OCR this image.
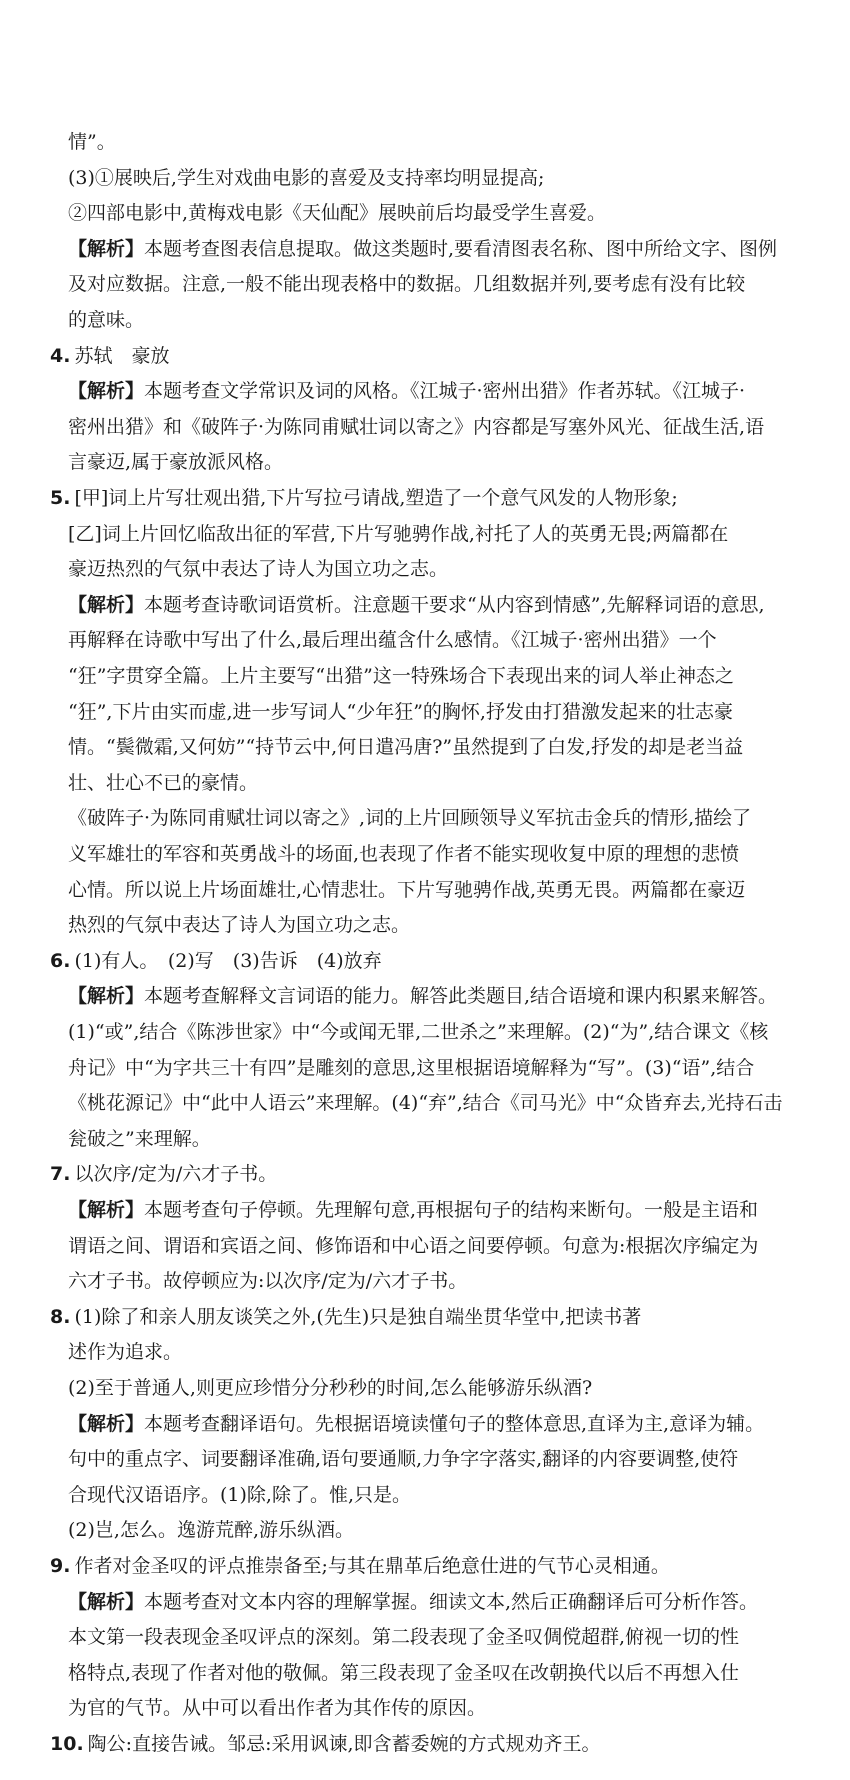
情”。
(3)①展映后,学生对戏曲电影的喜爱及支持率均明显提高;
②四部电影中,黄梅戏电影《天仙配》展映前后均最受学生喜爱。
【解析】本题考查图表信息提取。做这类题时,要看清图表名称、图中所给文字、图例
及对应数据。注意,一般不能出现表格中的数据。几组数据并列,要考虑有没有比较
的意味。
4. 苏轼　豪放
【解析】本题考查文学常识及词的风格。《江城子·密州出猎》作者苏轼。《江城子·
密州出猎》和《破阵子·为陈同甫赋壮词以寄之》内容都是写塞外风光、征战生活,语
言豪迈,属于豪放派风格。
5. [甲]词上片写壮观出猎,下片写拉弓请战,塑造了一个意气风发的人物形象;
[乙]词上片回忆临敌出征的军营,下片写驰骋作战,衬托了人的英勇无畏;两篇都在
豪迈热烈的气氛中表达了诗人为国立功之志。
【解析】本题考查诗歌词语赏析。注意题干要求“从内容到情感”,先解释词语的意思,
再解释在诗歌中写出了什么,最后理出蕴含什么感情。《江城子·密州出猎》一个
“狂”字贯穿全篇。上片主要写“出猎”这一特殊场合下表现出来的词人举止神态之
“狂”,下片由实而虚,进一步写词人“少年狂”的胸怀,抒发由打猎激发起来的壮志豪
情。“鬓微霜,又何妨”“持节云中,何日遣冯唐?”虽然提到了白发,抒发的却是老当益
壮、壮心不已的豪情。
《破阵子·为陈同甫赋壮词以寄之》,词的上片回顾领导义军抗击金兵的情形,描绘了
义军雄壮的军容和英勇战斗的场面,也表现了作者不能实现收复中原的理想的悲愤
心情。所以说上片场面雄壮,心情悲壮。下片写驰骋作战,英勇无畏。两篇都在豪迈
热烈的气氛中表达了诗人为国立功之志。
6. (1)有人。　(2)写　(3)告诉　(4)放弃
【解析】本题考查解释文言词语的能力。解答此类题目,结合语境和课内积累来解答。
(1)“或”,结合《陈涉世家》中“今或闻无罪,二世杀之”来理解。(2)“为”,结合课文《核
舟记》中“为字共三十有四”是雕刻的意思,这里根据语境解释为“写”。(3)“语”,结合
《桃花源记》中“此中人语云”来理解。(4)“弃”,结合《司马光》中“众皆弃去,光持石击
瓮破之”来理解。
7. 以次序/定为/六才子书。
【解析】本题考查句子停顿。先理解句意,再根据句子的结构来断句。一般是主语和
谓语之间、谓语和宾语之间、修饰语和中心语之间要停顿。句意为:根据次序编定为
六才子书。故停顿应为:以次序/定为/六才子书。
8. (1)除了和亲人朋友谈笑之外,(先生)只是独自端坐贯华堂中,把读书著
述作为追求。
(2)至于普通人,则更应珍惜分分秒秒的时间,怎么能够游乐纵酒?
【解析】本题考查翻译语句。先根据语境读懂句子的整体意思,直译为主,意译为辅。
句中的重点字、词要翻译准确,语句要通顺,力争字字落实,翻译的内容要调整,使符
合现代汉语语序。(1)除,除了。惟,只是。
(2)岂,怎么。逸游荒醉,游乐纵酒。
9. 作者对金圣叹的评点推崇备至;与其在鼎革后绝意仕进的气节心灵相通。
【解析】本题考查对文本内容的理解掌握。细读文本,然后正确翻译后可分析作答。
本文第一段表现金圣叹评点的深刻。第二段表现了金圣叹倜傥超群,俯视一切的性
格特点,表现了作者对他的敬佩。第三段表现了金圣叹在改朝换代以后不再想入仕
为官的气节。从中可以看出作者为其作传的原因。
10. 陶公:直接告诫。邹忌:采用讽谏,即含蓄委婉的方式规劝齐王。
